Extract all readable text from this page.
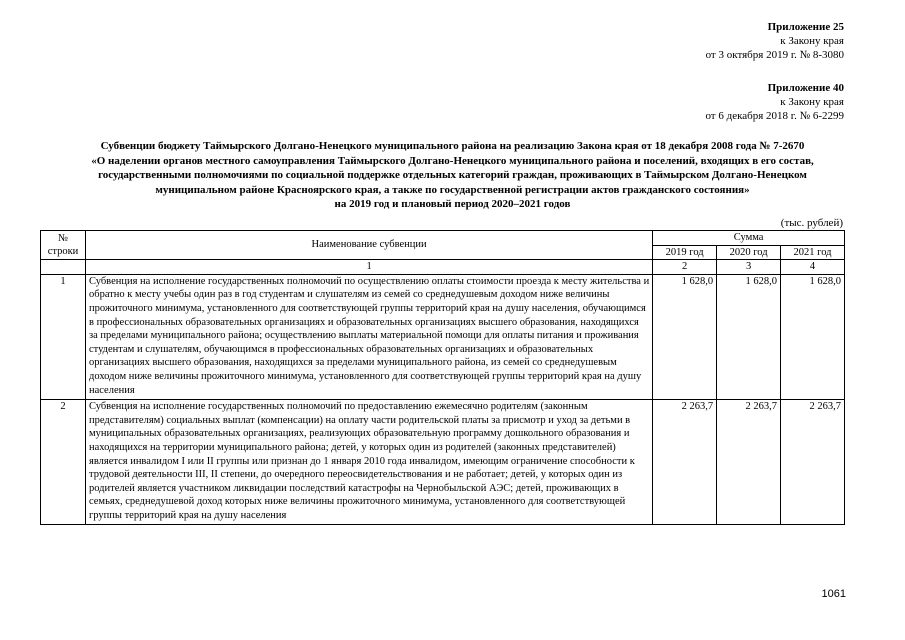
Приложение 25
к Закону края
от 3 октября 2019 г. № 8-3080
Приложение 40
к Закону края
от 6 декабря 2018 г. № 6-2299
Субвенции бюджету Таймырского Долгано-Ненецкого муниципального района на реализацию Закона края от 18 декабря 2008 года № 7-2670
«О наделении органов местного самоуправления Таймырского Долгано-Ненецкого муниципального района и поселений, входящих в его состав,
государственными полномочиями по социальной поддержке отдельных категорий граждан, проживающих в Таймырском Долгано-Ненецком
муниципальном районе Красноярского края, а также по государственной регистрации актов гражданского состояния»
на 2019 год и плановый период 2020–2021 годов
(тыс. рублей)
№ строки	Наименование субвенции	Сумма		
		2019 год	2020 год	2021 год
	1	2	3	4
1	Субвенция на исполнение государственных полномочий по осуществлению оплаты стоимости проезда к месту жительства и обратно к месту учебы один раз в год студентам и слушателям из семей со среднедушевым доходом ниже величины прожиточного минимума, установленного для соответствующей группы территорий края на душу населения, обучающимся в профессиональных образовательных организациях и образовательных организациях высшего образования, находящихся за пределами муниципального района; осуществлению выплаты материальной помощи для оплаты питания и проживания студентам и слушателям, обучающимся в профессиональных образовательных организациях и образовательных организациях высшего образования, находящихся за пределами муниципального района, из семей со среднедушевым доходом ниже величины прожиточного минимума, установленного для соответствующей группы территорий края на душу населения	1 628,0	1 628,0	1 628,0
2	Субвенция на исполнение государственных полномочий по предоставлению ежемесячно родителям (законным представителям) социальных выплат (компенсации) на оплату части родительской платы за присмотр и уход за детьми в муниципальных образовательных организациях, реализующих образовательную программу дошкольного образования и находящихся на территории муниципального района; детей, у которых один из родителей (законных представителей) является инвалидом I или II группы или признан до 1 января 2010 года инвалидом, имеющим ограничение способности к трудовой деятельности III, II степени, до очередного переосвидетельствования и не работает; детей, у которых один из родителей является участником ликвидации последствий катастрофы на Чернобыльской АЭС; детей, проживающих в семьях, среднедушевой доход которых ниже величины прожиточного минимума, установленного для соответствующей группы территорий края на душу населения	2 263,7	2 263,7	2 263,7
1061
